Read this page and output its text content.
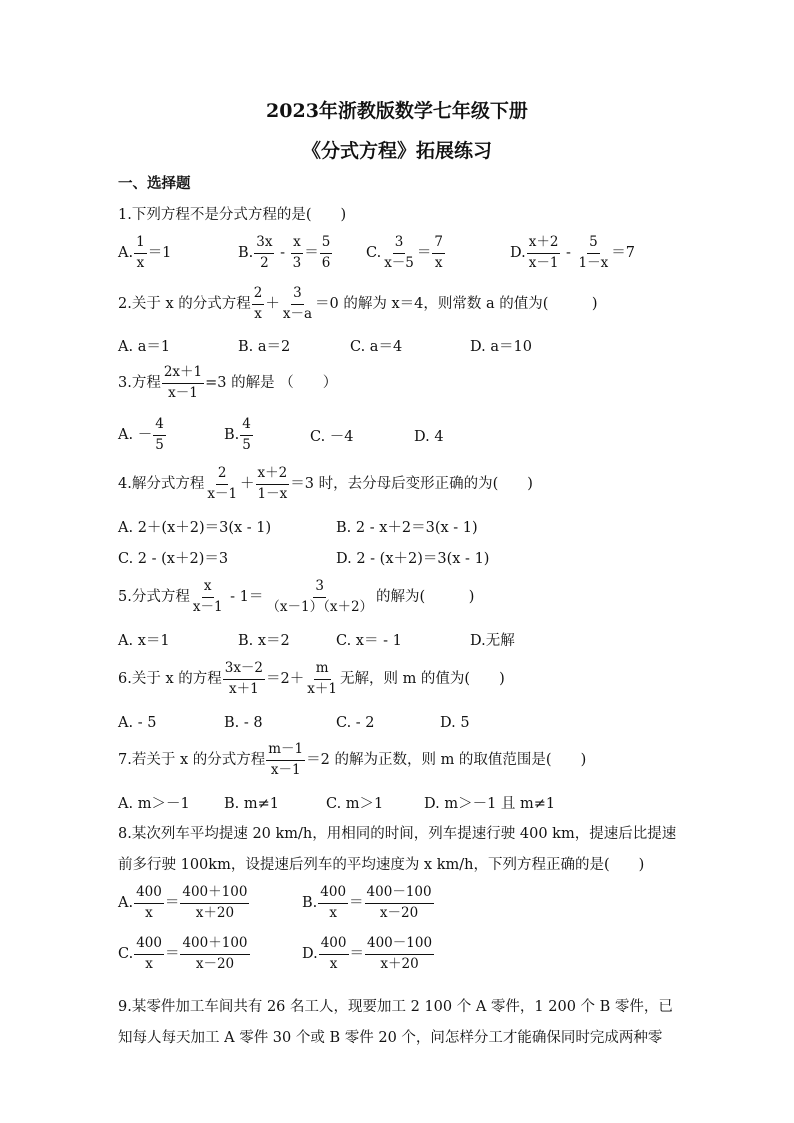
2023年浙教版数学七年级下册
《分式方程》拓展练习
一、选择题
1.下列方程不是分式方程的是(　　)
A. $\frac{1}{x} =1$	B. $\frac{3x}{2} - \frac{x}{3} = \frac{5}{6} C$. $\frac{3}{x-5} = \frac{7}{x}$	D. $\frac{x+2}{x-1} - \frac{5}{1-x} =7$
2.关于 x 的分式方程 $\frac{2}{x} + \frac{3}{x-a} =0$ 的解为 x＝4，则常数 a 的值为(　　　)
A. a＝1	B. a＝2	C. a＝4	D. a＝10
3.方程 $\frac{2x+1}{x-1} =3$ 的解是 （　　）
A. － $\frac{4}{5}$	B. $\frac{4}{5}$	C. －4	D. 4
4.解分式方程 $\frac{2}{x-1} + \frac{x+2}{1-x} =3$ 时，去分母后变形正确的为(　　)
A. 2＋(x＋2)＝3(x - 1)	B. 2 - x＋2＝3(x - 1)
C. 2 - (x＋2)＝3	D. 2 - (x＋2)＝3(x - 1)
5.分式方程 $\frac{x}{x-1} - 1= \frac{3}{(x-1)(x+2)}$ 的解为(　　　)
A. x＝1	B. x＝2	C. x＝ - 1	D.无解
6.关于 x 的方程 $\frac{3x-2}{x+1} =2+ \frac{m}{x+1}$ 无解，则 m 的值为(　　)
A. - 5	B. - 8	C. - 2	D. 5
7.若关于 x 的分式方程 $\frac{m-1}{x-1} =2$ 的解为正数，则 m 的取值范围是(　　)
A. m＞－1 B. m≠1	C. m＞1	D. m＞－1 且 m≠1
8.某次列车平均提速 20 km/h，用相同的时间，列车提速行驶 400 km，提速后比提速
前多行驶 100km，设提速后列车的平均速度为 x km/h，下列方程正确的是(　　)
A. $\frac{400}{x} = \frac{400+100}{x+20}$	B. $\frac{400}{x} = \frac{400-100}{x-20}$
C. $\frac{400}{x} = \frac{400+100}{x-20}$	D. $\frac{400}{x} = \frac{400-100}{x+20}$
9.某零件加工车间共有 26 名工人，现要加工 2 100 个 A 零件，1 200 个 B 零件，已
知每人每天加工 A 零件 30 个或 B 零件 20 个，问怎样分工才能确保同时完成两种零
